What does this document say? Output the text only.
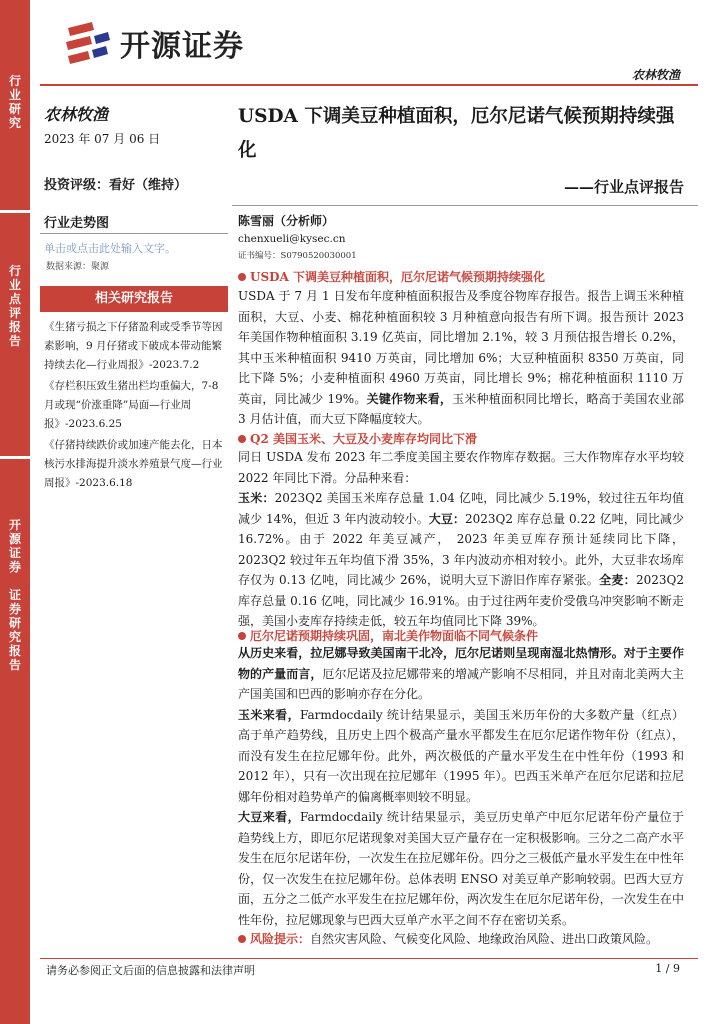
行
业
研
究
行
业
点
评
报
告
开
源
证
券

证
券
研
究
报
告
开源证券
农林牧渔
农林牧渔
2023 年 07 月 06 日
投资评级：看好（维持）
行业走势图
单击或点击此处输入文字。
数据来源：聚源
相关研究报告
《生猪亏损之下仔猪盈利或受季节等因素影响，9 月仔猪或下破成本带动能繁持续去化—行业周报》-2023.7.2
《存栏积压致生猪出栏均重偏大，7-8 月或现“价涨重降”局面—行业周报》-2023.6.25
《仔猪持续跌价或加速产能去化，日本核污水排海提升淡水养殖景气度—行业周报》-2023.6.18
USDA 下调美豆种植面积，厄尔尼诺气候预期持续强化
——行业点评报告
陈雪丽（分析师）
chenxueli@kysec.cn
证书编号：S0790520030001
USDA 下调美豆种植面积，厄尔尼诺气候预期持续强化
USDA 于 7 月 1 日发布年度种植面积报告及季度谷物库存报告。报告上调玉米种植面积，大豆、小麦、棉花种植面积较 3 月种植意向报告有所下调。报告预计 2023 年美国作物种植面积 3.19 亿英亩，同比增加 2.1%，较 3 月预估报告增长 0.2%，其中玉米种植面积 9410 万英亩，同比增加 6%；大豆种植面积 8350 万英亩，同比下降 5%；小麦种植面积 4960 万英亩，同比增长 9%；棉花种植面积 1110 万英亩，同比减少 19%。关键作物来看，玉米种植面积同比增长，略高于美国农业部 3 月估计值，而大豆下降幅度较大。
Q2 美国玉米、大豆及小麦库存均同比下滑
同日 USDA 发布 2023 年二季度美国主要农作物库存数据。三大作物库存水平均较 2022 年同比下滑。分品种来看：
玉米：2023Q2 美国玉米库存总量 1.04 亿吨，同比减少 5.19%，较过往五年均值减少 14%，但近 3 年内波动较小。大豆：2023Q2 库存总量 0.22 亿吨，同比减少 16.72%。由于 2022 年美豆减产， 2023 年美豆库存预计延续同比下降，2023Q2 较过年五年均值下滑 35%，3 年内波动亦相对较小。此外，大豆非农场库存仅为 0.13 亿吨，同比减少 26%，说明大豆下游旧作库存紧张。全麦：2023Q2 库存总量 0.16 亿吨，同比减少 16.91%。由于过往两年麦价受俄乌冲突影响不断走强，美国小麦库存持续走低，较五年均值同比下降 39%。
厄尔尼诺预期持续巩固，南北美作物面临不同气候条件
从历史来看，拉尼娜导致美国南干北冷，厄尔尼诺则呈现南湿北热情形。对于主要作物的产量而言，厄尔尼诺及拉尼娜带来的增减产影响不尽相同，并且对南北美两大主产国美国和巴西的影响亦存在分化。
玉米来看，Farmdocdaily 统计结果显示，美国玉米历年份的大多数产量（红点）高于单产趋势线，且历史上四个极高产量水平都发生在厄尔尼诺作物年份（红点），而没有发生在拉尼娜年份。此外，两次极低的产量水平发生在中性年份（1993 和 2012 年），只有一次出现在拉尼娜年（1995 年）。巴西玉米单产在厄尔尼诺和拉尼娜年份相对趋势单产的偏离概率则较不明显。
大豆来看，Farmdocdaily 统计结果显示，美豆历史单产中厄尔尼诺年份产量位于趋势线上方，即厄尔尼诺现象对美国大豆产量存在一定积极影响。三分之二高产水平发生在厄尔尼诺年份，一次发生在拉尼娜年份。四分之三极低产量水平发生在中性年份，仅一次发生在拉尼娜年份。总体表明 ENSO 对美豆单产影响较弱。巴西大豆方面，五分之二低产水平发生在拉尼娜年份，两次发生在厄尔尼诺年份，一次发生在中性年份，拉尼娜现象与巴西大豆单产水平之间不存在密切关系。
风险提示： 自然灾害风险、气候变化风险、地缘政治风险、进出口政策风险。
请务必参阅正文后面的信息披露和法律声明	1 / 9
